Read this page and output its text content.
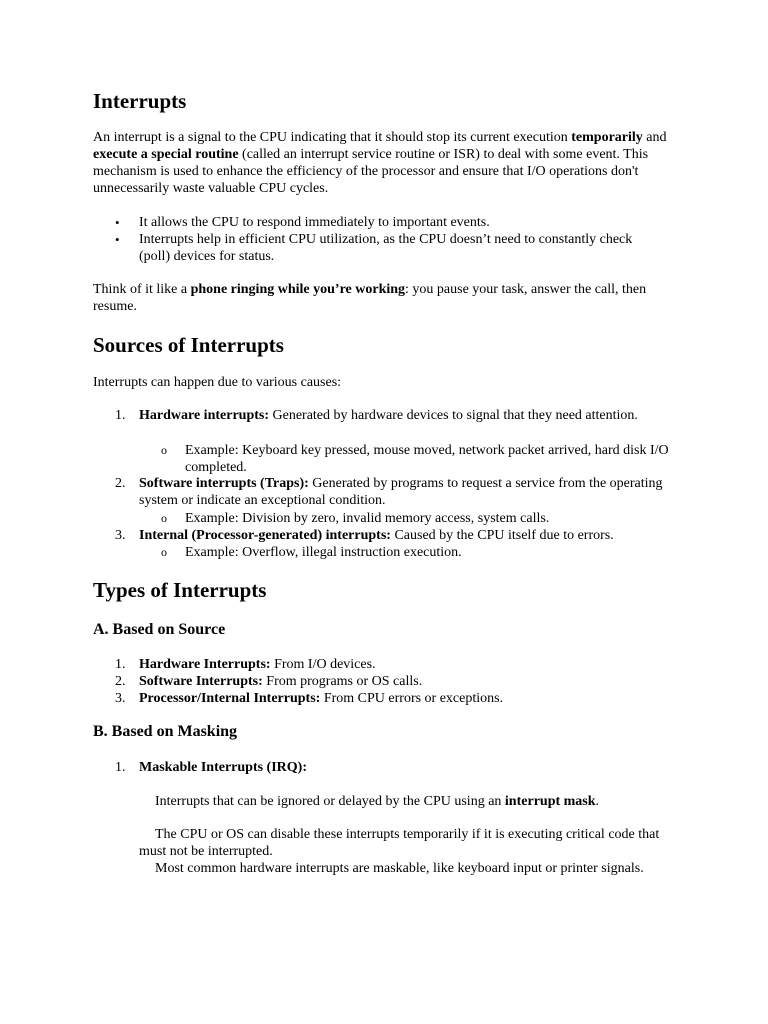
Interrupts

An interrupt is a signal to the CPU indicating that it should stop its current execution temporarily and execute a special routine (called an interrupt service routine or ISR) to deal with some event. This mechanism is used to enhance the efficiency of the processor and ensure that I/O operations don't unnecessarily waste valuable CPU cycles.

• It allows the CPU to respond immediately to important events.

• Interrupts help in efficient CPU utilization, as the CPU doesn’t need to constantly check (poll) devices for status.

Think of it like a phone ringing while you’re working: you pause your task, answer the call, then resume.

Sources of Interrupts

Interrupts can happen due to various causes:

1. Hardware interrupts: Generated by hardware devices to signal that they need attention.

o Example: Keyboard key pressed, mouse moved, network packet arrived, hard disk I/O completed.

2. Software interrupts (Traps): Generated by programs to request a service from the operating system or indicate an exceptional condition.

o Example: Division by zero, invalid memory access, system calls.

3. Internal (Processor-generated) interrupts: Caused by the CPU itself due to errors.

o Example: Overflow, illegal instruction execution.

Types of Interrupts
A. Based on Source
1. Hardware Interrupts: From I/O devices.

2. Software Interrupts: From programs or OS calls.

3. Processor/Internal Interrupts: From CPU errors or exceptions.

B. Based on Masking
1. Maskable Interrupts (IRQ):

Interrupts that can be ignored or delayed by the CPU using an interrupt mask.

The CPU or OS can disable these interrupts temporarily if it is executing critical code that must not be interrupted.

Most common hardware interrupts are maskable, like keyboard input or printer signals.
